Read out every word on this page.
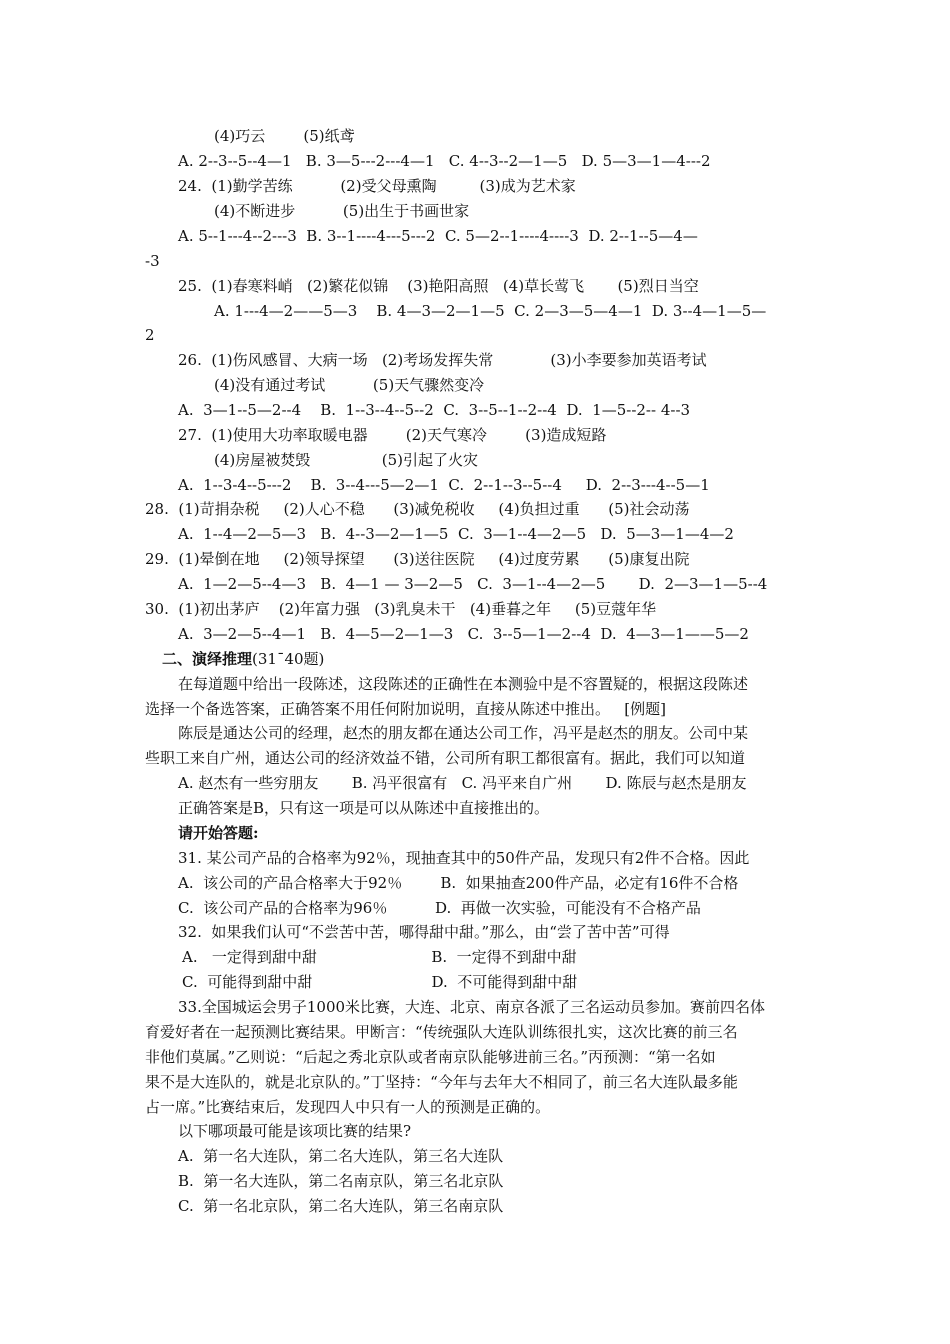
(4)巧云        (5)纸鸢
A. 2--3--5--4—1   B. 3—5---2---4—1   C. 4--3--2—1—5   D. 5—3—1—4---2
24.  (1)勤学苦练          (2)受父母熏陶         (3)成为艺术家
(4)不断进步          (5)出生于书画世家
A. 5--1---4--2---3  B. 3--1----4---5---2  C. 5—2--1----4----3  D. 2--1--5—4—
-3
25.  (1)春寒料峭   (2)繁花似锦    (3)艳阳高照   (4)草长莺飞       (5)烈日当空
A. 1---4—2——5—3    B. 4—3—2—1—5  C. 2—3—5—4—1  D. 3--4—1—5—
2
26.  (1)伤风感冒、大病一场   (2)考场发挥失常            (3)小李要参加英语考试
(4)没有通过考试          (5)天气骤然变冷
A.  3—1--5—2--4    B.  1--3--4--5--2  C.  3--5--1--2--4  D.  1—5--2-- 4--3
27.  (1)使用大功率取暖电器        (2)天气寒冷        (3)造成短路
(4)房屋被焚毁               (5)引起了火灾
A.  1--3-4--5---2    B.  3--4---5—2—1  C.  2--1--3--5--4     D.  2--3---4--5—1
28.  (1)苛捐杂税     (2)人心不稳      (3)减免税收     (4)负担过重      (5)社会动荡
A.  1--4—2—5—3   B.  4--3—2—1—5  C.  3—1--4—2—5   D.  5—3—1—4—2
29.  (1)晕倒在地     (2)领导探望      (3)送往医院     (4)过度劳累      (5)康复出院
A.  1—2—5--4—3   B.  4—1 — 3—2—5   C.  3—1--4—2—5       D.  2—3—1—5--4
30.  (1)初出茅庐    (2)年富力强   (3)乳臭未干   (4)垂暮之年     (5)豆蔻年华
A.  3—2—5--4—1   B.  4—5—2—1—3   C.  3--5—1—2--4  D.  4—3—1——5—2
二、演绎推理(31¯40题)
在每道题中给出一段陈述，这段陈述的正确性在本测验中是不容置疑的，根据这段陈述
选择一个备选答案，正确答案不用任何附加说明，直接从陈述中推出。   [例题]
陈辰是通达公司的经理，赵杰的朋友都在通达公司工作，冯平是赵杰的朋友。公司中某
些职工来自广州，通达公司的经济效益不错，公司所有职工都很富有。据此，我们可以知道
A. 赵杰有一些穷朋友       B. 冯平很富有   C. 冯平来自广州       D. 陈辰与赵杰是朋友
正确答案是B，只有这一项是可以从陈述中直接推出的。
请开始答题:
31. 某公司产品的合格率为92％，现抽查其中的50件产品，发现只有2件不合格。因此
A.  该公司的产品合格率大于92％        B.  如果抽查200件产品，必定有16件不合格
C.  该公司产品的合格率为96％          D.  再做一次实验，可能没有不合格产品
32.  如果我们认可“不尝苦中苦，哪得甜中甜。”那么，由“尝了苦中苦”可得
A.   一定得到甜中甜                        B.  一定得不到甜中甜
C.  可能得到甜中甜                         D.  不可能得到甜中甜
33.全国城运会男子1000米比赛，大连、北京、南京各派了三名运动员参加。赛前四名体
育爱好者在一起预测比赛结果。甲断言：“传统强队大连队训练很扎实，这次比赛的前三名
非他们莫属。”乙则说：“后起之秀北京队或者南京队能够进前三名。”丙预测：“第一名如
果不是大连队的，就是北京队的。”丁坚持：“今年与去年大不相同了，前三名大连队最多能
占一席。”比赛结束后，发现四人中只有一人的预测是正确的。
以下哪项最可能是该项比赛的结果?
A.  第一名大连队，第二名大连队，第三名大连队
B.  第一名大连队，第二名南京队，第三名北京队
C.  第一名北京队，第二名大连队，第三名南京队
